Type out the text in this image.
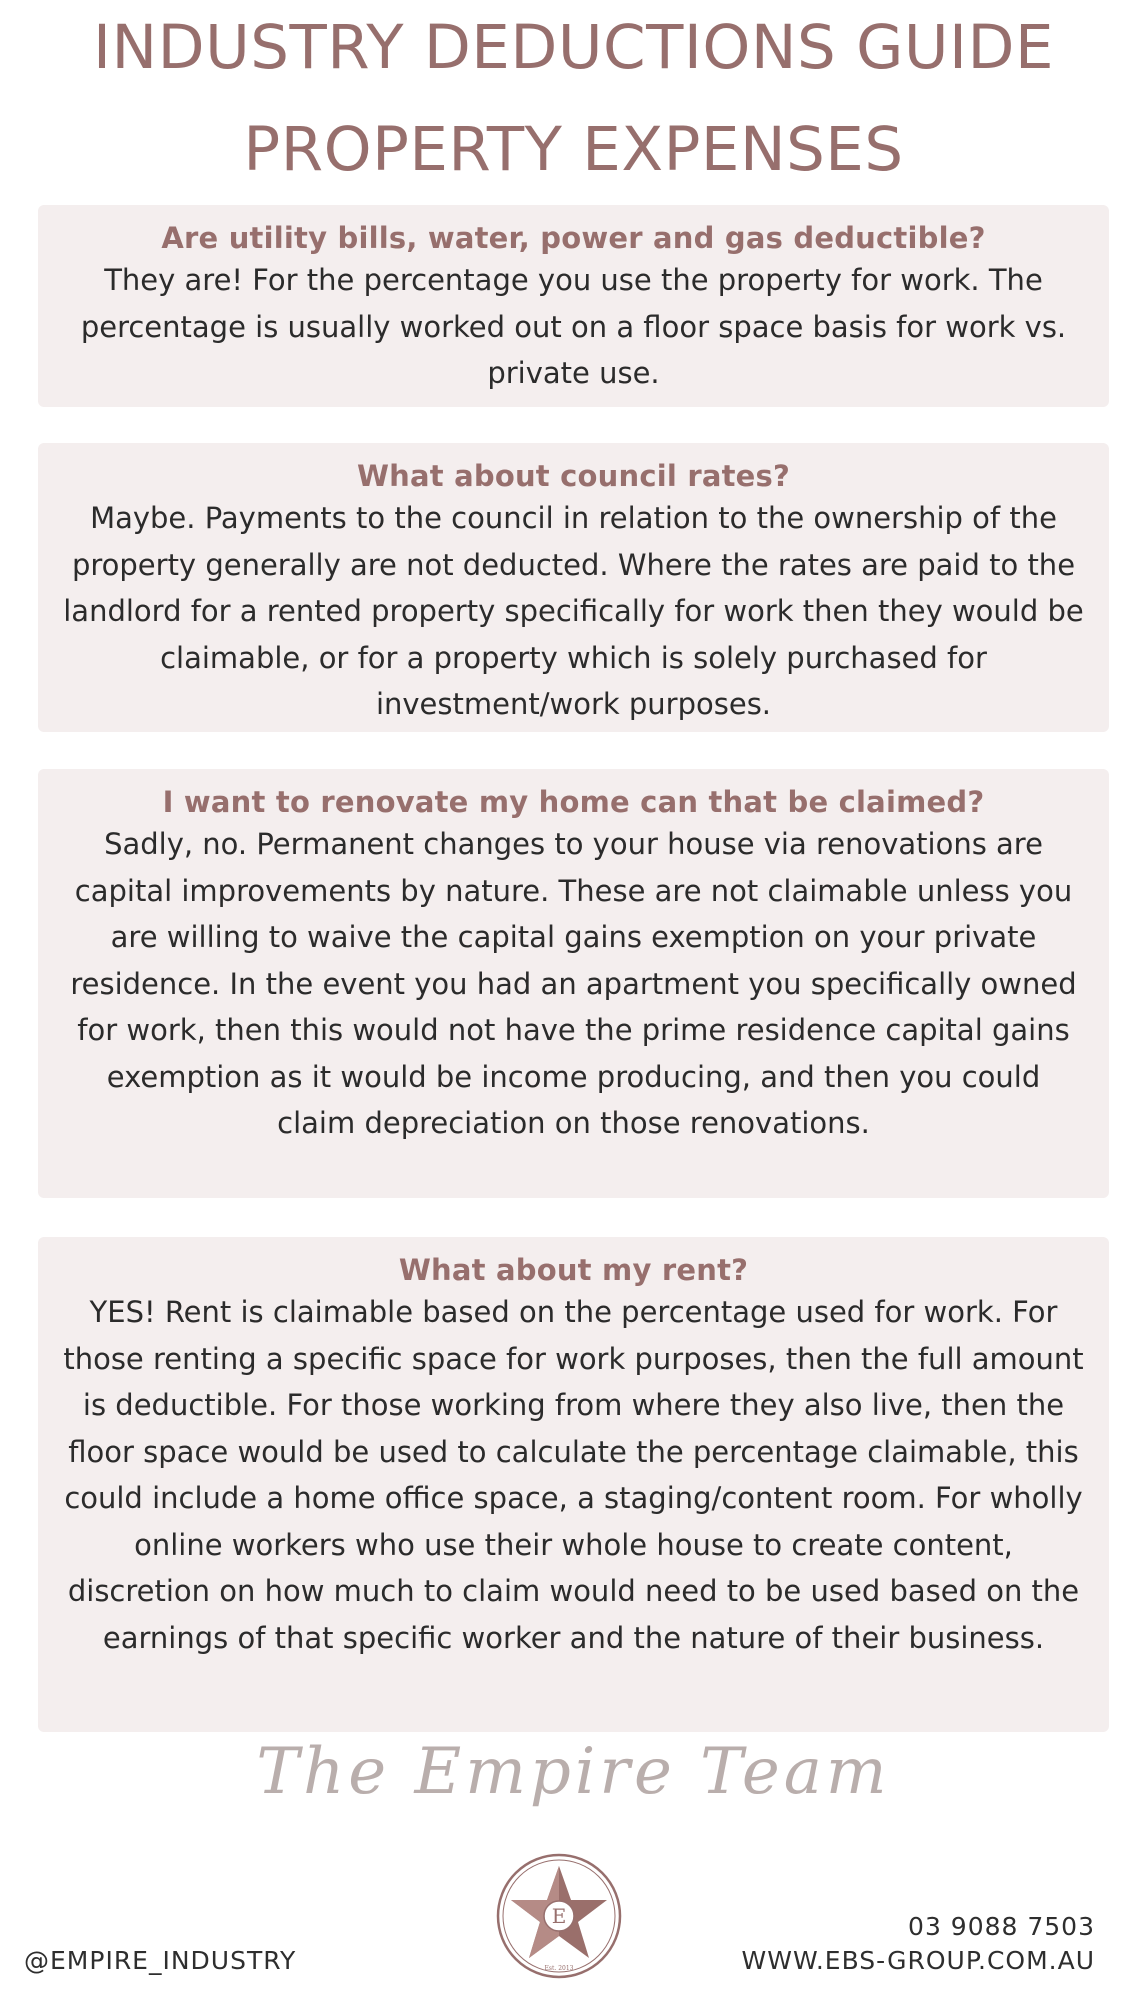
INDUSTRY DEDUCTIONS GUIDE
PROPERTY EXPENSES
Are utility bills, water, power and gas deductible?

They are! For the percentage you use the property for work. The percentage is usually worked out on a floor space basis for work vs. private use.

What about council rates?

Maybe. Payments to the council in relation to the ownership of the property generally are not deducted. Where the rates are paid to the landlord for a rented property specifically for work then they would be claimable, or for a property which is solely purchased for investment/work purposes.

I want to renovate my home can that be claimed?

Sadly, no. Permanent changes to your house via renovations are capital improvements by nature. These are not claimable unless you are willing to waive the capital gains exemption on your private residence. In the event you had an apartment you specifically owned for work, then this would not have the prime residence capital gains exemption as it would be income producing, and then you could claim depreciation on those renovations.

What about my rent?

YES! Rent is claimable based on the percentage used for work. For those renting a specific space for work purposes, then the full amount is deductible. For those working from where they also live, then the floor space would be used to calculate the percentage claimable, this could include a home office space, a staging/content room. For wholly online workers who use their whole house to create content, discretion on how much to claim would need to be used based on the earnings of that specific worker and the nature of their business.

The Empire Team
E
Est. 2013
@EMPIRE_INDUSTRY
03 9088 7503
WWW.EBS-GROUP.COM.AU
